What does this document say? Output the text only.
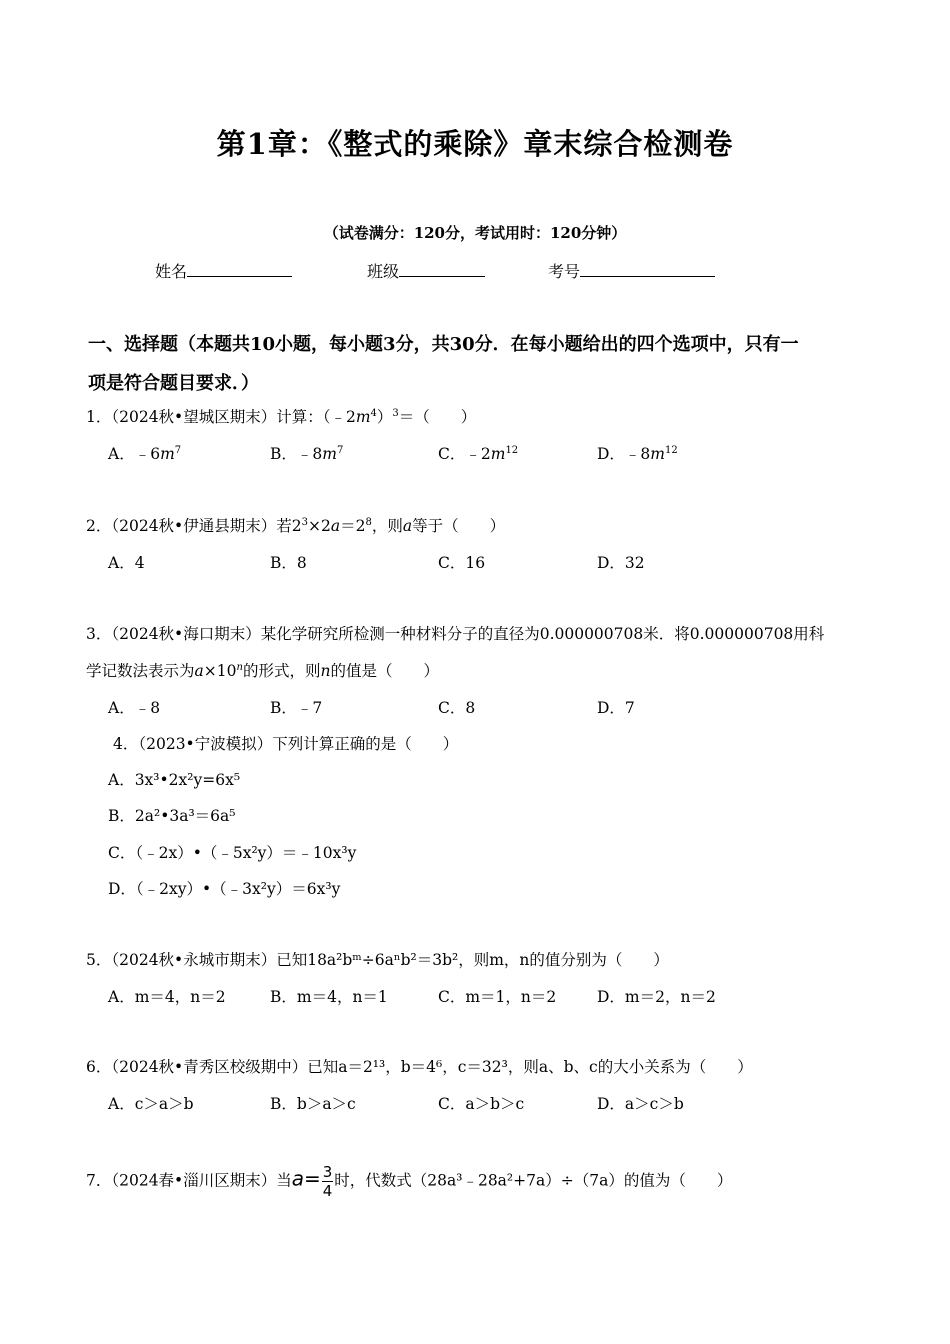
第1章：《整式的乘除》章末综合检测卷
（试卷满分：120分，考试用时：120分钟）
姓名	班级	考号
一、选择题（本题共10小题，每小题3分，共30分．在每小题给出的四个选项中，只有一
项是符合题目要求．）
1．（2024秋•望城区期末）计算：$(﹣2m^4)^3=$（　　）
A．$﹣6m^7$	B．$﹣8m^7$	C．$﹣2m^{12}$	D．$﹣8m^{12}$
2．（2024秋•伊通县期末）若$2^3\times 2a=2^8$，则a等于（　　）
A．4	B．8	C．16	D．32
3．（2024秋•海口期末）某化学研究所检测一种材料分子的直径为0.000000708米．将0.000000708用科
学记数法表示为$a\times 10^n$的形式，则n的值是（　　）
A．﹣8	B．﹣7	C．8	D．7
4．（2023•宁波模拟）下列计算正确的是（　　）
A．3x³•2x²y=6x⁵
B．2a²•3a³＝6a⁵
C．（﹣2x）•（﹣5x²y）＝﹣10x³y
D．（﹣2xy）•（﹣3x²y）＝6x³y
5．（2024秋•永城市期末）已知18a²bᵐ÷6aⁿb²＝3b²，则m，n的值分别为（　　）
A．m＝4，n＝2	B．m＝4，n＝1	C．m＝1，n＝2	D．m＝2，n＝2
6．（2024秋•青秀区校级期中）已知a＝2¹³，b＝4⁶，c＝32³，则a、b、c的大小关系为（　　）
A．c＞a＞b	B．b＞a＞c	C．a＞b＞c	D．a＞c＞b
7．（2024春•淄川区期末）当$a= \frac{3}{4}$ 时，代数式（28a³﹣28a²+7a）÷（7a）的值为（　　）
